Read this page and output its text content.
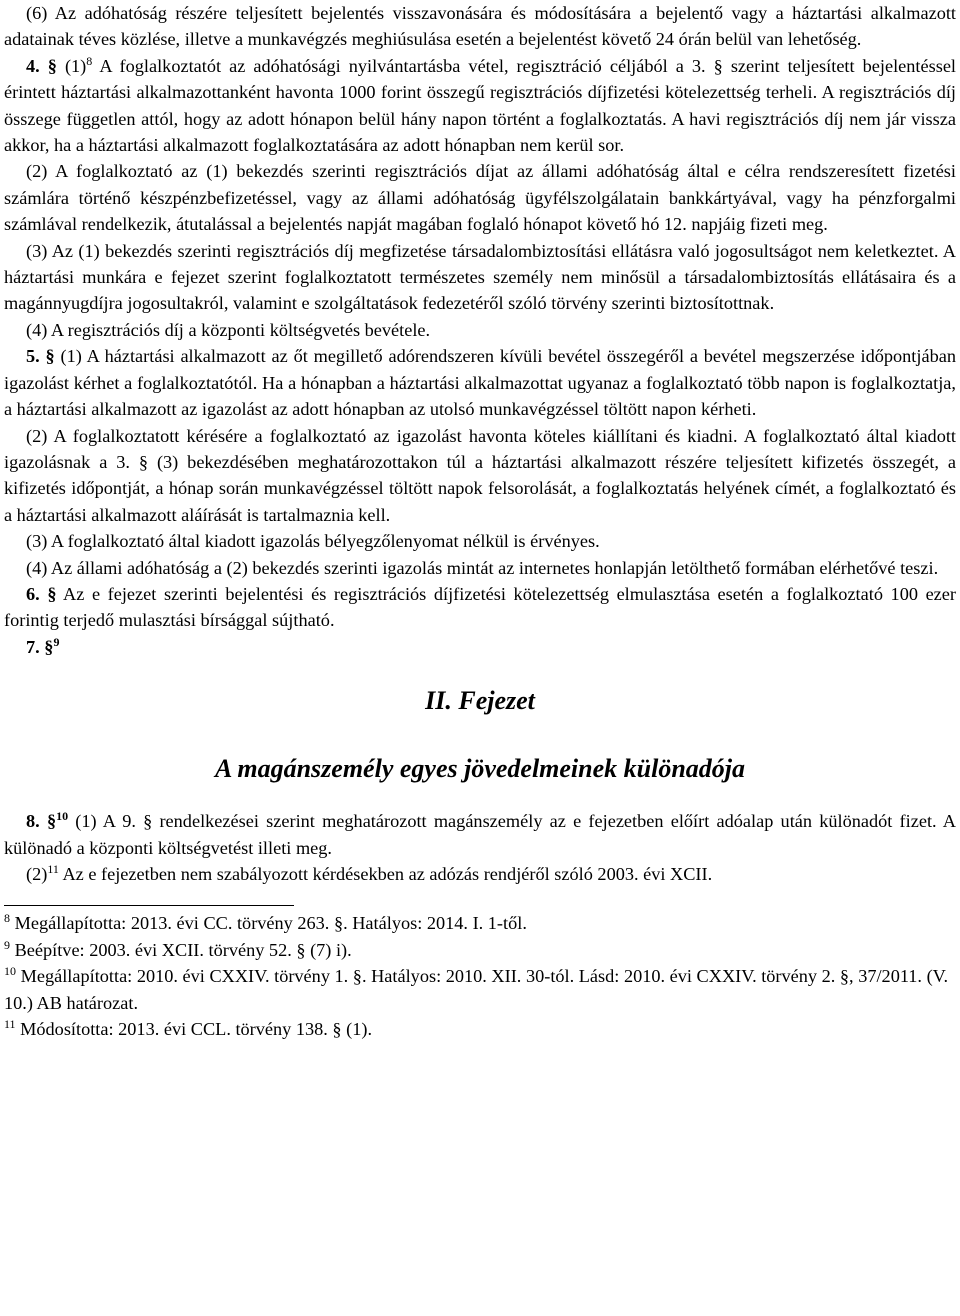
(6) Az adóhatóság részére teljesített bejelentés visszavonására és módosítására a bejelentő vagy a háztartási alkalmazott adatainak téves közlése, illetve a munkavégzés meghiúsulása esetén a bejelentést követő 24 órán belül van lehetőség.

4. § $(1)^8$ A foglalkoztatót az adóhatósági nyilvántartásba vétel, regisztráció céljából a 3. § szerint teljesített bejelentéssel érintett háztartási alkalmazottanként havonta 1000 forint összegű regisztrációs díjfizetési kötelezettség terheli. A regisztrációs díj összege független attól, hogy az adott hónapon belül hány napon történt a foglalkoztatás. A havi regisztrációs díj nem jár vissza akkor, ha a háztartási alkalmazott foglalkoztatására az adott hónapban nem kerül sor.

(2) A foglalkoztató az (1) bekezdés szerinti regisztrációs díjat az állami adóhatóság által e célra rendszeresített fizetési számlára történő készpénzbefizetéssel, vagy az állami adóhatóság ügyfélszolgálatain bankkártyával, vagy ha pénzforgalmi számlával rendelkezik, átutalással a bejelentés napját magában foglaló hónapot követő hó 12. napjáig fizeti meg.

(3) Az (1) bekezdés szerinti regisztrációs díj megfizetése társadalombiztosítási ellátásra való jogosultságot nem keletkeztet. A háztartási munkára e fejezet szerint foglalkoztatott természetes személy nem minősül a társadalombiztosítás ellátásaira és a magánnyugdíjra jogosultakról, valamint e szolgáltatások fedezetéről szóló törvény szerinti biztosítottnak.

(4) A regisztrációs díj a központi költségvetés bevétele.

5. § (1) A háztartási alkalmazott az őt megillető adórendszeren kívüli bevétel összegéről a bevétel megszerzése időpontjában igazolást kérhet a foglalkoztatótól. Ha a hónapban a háztartási alkalmazottat ugyanaz a foglalkoztató több napon is foglalkoztatja, a háztartási alkalmazott az igazolást az adott hónapban az utolsó munkavégzéssel töltött napon kérheti.

(2) A foglalkoztatott kérésére a foglalkoztató az igazolást havonta köteles kiállítani és kiadni. A foglalkoztató által kiadott igazolásnak a 3. § (3) bekezdésében meghatározottakon túl a háztartási alkalmazott részére teljesített kifizetés összegét, a kifizetés időpontját, a hónap során munkavégzéssel töltött napok felsorolását, a foglalkoztatás helyének címét, a foglalkoztató és a háztartási alkalmazott aláírását is tartalmaznia kell.

(3) A foglalkoztató által kiadott igazolás bélyegzőlenyomat nélkül is érvényes.

(4) Az állami adóhatóság a (2) bekezdés szerinti igazolás mintát az internetes honlapján letölthető formában elérhetővé teszi.

6. § Az e fejezet szerinti bejelentési és regisztrációs díjfizetési kötelezettség elmulasztása esetén a foglalkoztató 100 ezer forintig terjedő mulasztási bírsággal sújtható.

7. §$^9$

II. Fejezet
A magánszemély egyes jövedelmeinek különadója

8. §$^{10}$ (1) A 9. § rendelkezései szerint meghatározott magánszemély az e fejezetben előírt adóalap után különadót fizet. A különadó a központi költségvetést illeti meg.

$(2)^{11}$ Az e fejezetben nem szabályozott kérdésekben az adózás rendjéről szóló 2003. évi XCII.

$^8$ Megállapította: 2013. évi CC. törvény 263. §. Hatályos: 2014. I. 1-től.

$^9$ Beépítve: 2003. évi XCII. törvény 52. § (7) i).

$^{10}$ Megállapította: 2010. évi CXXIV. törvény 1. §. Hatályos: 2010. XII. 30-tól. Lásd: 2010. évi CXXIV. törvény 2. §, 37/2011. (V. 10.) AB határozat.

$^{11}$ Módosította: 2013. évi CCL. törvény 138. § (1).
